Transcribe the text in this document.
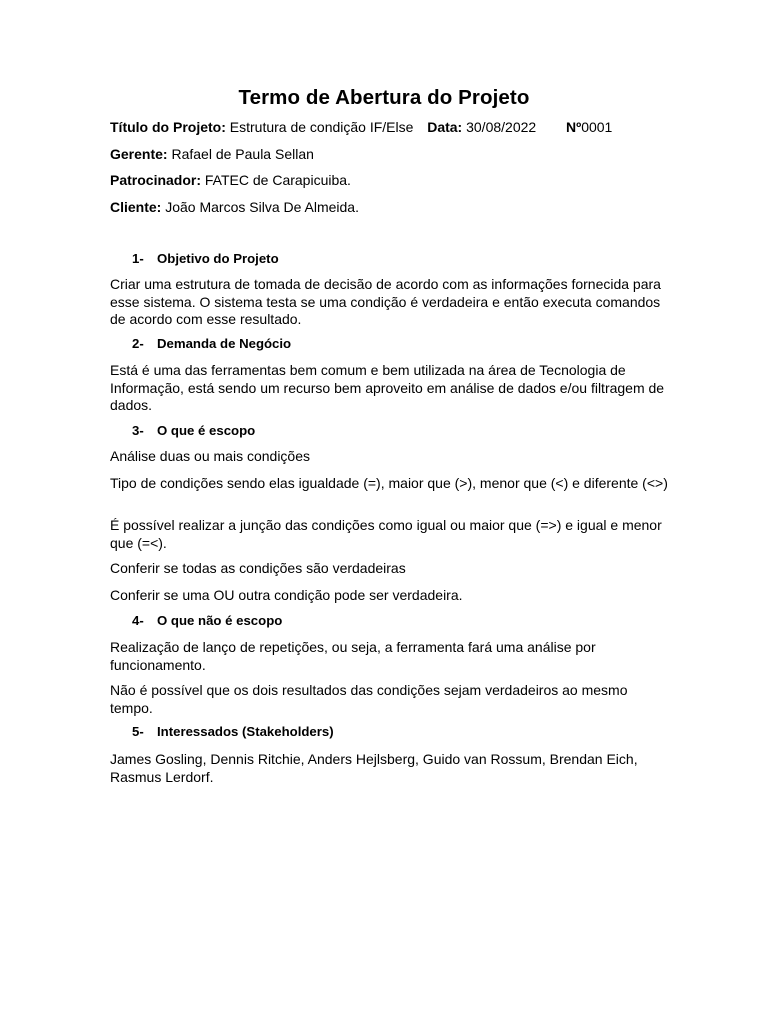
Termo de Abertura do Projeto
Título do Projeto: Estrutura de condição IF/Else Data: 30/08/2022 Nº0001
Gerente: Rafael de Paula Sellan
Patrocinador: FATEC de Carapicuiba.
Cliente: João Marcos Silva De Almeida.
1- Objetivo do Projeto
Criar uma estrutura de tomada de decisão de acordo com as informações fornecida para esse sistema. O sistema testa se uma condição é verdadeira e então executa comandos de acordo com esse resultado.
2- Demanda de Negócio
Está é uma das ferramentas bem comum e bem utilizada na área de Tecnologia de Informação, está sendo um recurso bem aproveito em análise de dados e/ou filtragem de dados.
3- O que é escopo
Análise duas ou mais condições
Tipo de condições sendo elas igualdade (=), maior que (>), menor que (<) e diferente (<>)
É possível realizar a junção das condições como igual ou maior que (=>) e igual e menor que (=<).
Conferir se todas as condições são verdadeiras
Conferir se uma OU outra condição pode ser verdadeira.
4- O que não é escopo
Realização de lanço de repetições, ou seja, a ferramenta fará uma análise por funcionamento.
Não é possível que os dois resultados das condições sejam verdadeiros ao mesmo tempo.
5- Interessados (Stakeholders)
James Gosling, Dennis Ritchie, Anders Hejlsberg, Guido van Rossum, Brendan Eich, Rasmus Lerdorf.
